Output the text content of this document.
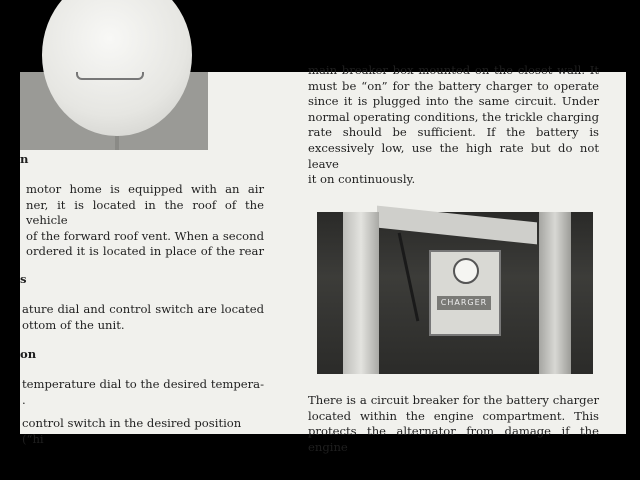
n

motor home is equipped with an air

ner, it is located in the roof of the vehicle

of the forward roof vent. When a second

ordered it is located in place of the rear

s

ature dial and control switch are located

ottom of the unit.

on

temperature dial to the desired tempera-

.

control switch in the desired position (“hi

main breaker box mounted on the closet wall. It

must be “on” for the battery charger to operate

since it is plugged into the same circuit. Under

normal operating conditions, the trickle charging

rate should be sufficient. If the battery is

excessively low, use the high rate but do not leave

it on continuously.

CHARGER

There is a circuit breaker for the battery charger

located within the engine compartment. This

protects the alternator from damage if the engine
